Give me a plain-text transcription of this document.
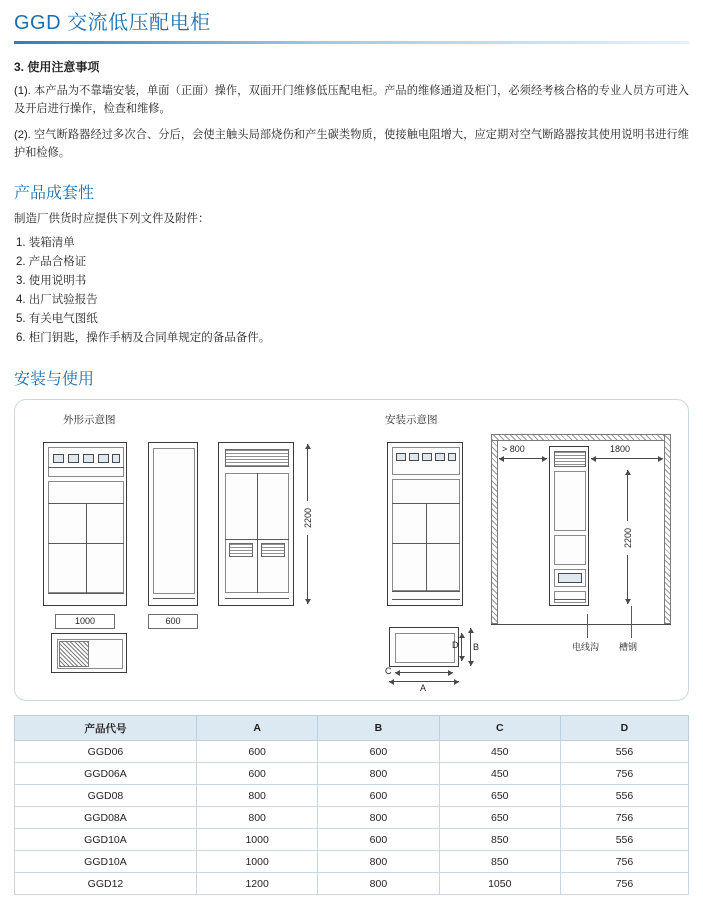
GGD 交流低压配电柜
3. 使用注意事项

(1). 本产品为不靠墙安装，单面（正面）操作，双面开门维修低压配电柜。产品的维修通道及柜门，必须经考核合格的专业人员方可进入及开启进行操作，检查和维修。

(2). 空气断路器经过多次合、分后，会使主触头局部烧伤和产生碳类物质，使接触电阻增大，应定期对空气断路器按其使用说明书进行维护和检修。

产品成套性

制造厂供货时应提供下列文件及附件：

1. 装箱清单
2. 产品合格证
3. 使用说明书
4. 出厂试验报告
5. 有关电气图纸
6. 柜门钥匙，操作手柄及合同单规定的备品备件。
安装与使用
外形示意图	安装示意图
1000	600
2200
A
C
B
D
> 800	1800
2200
电线沟 槽钢
产品代号	A	B	C	D
GGD06	600	600	450	556
GGD06A	600	800	450	756
GGD08	800	600	650	556
GGD08A	800	800	650	756
GGD10A	1000	600	850	556
GGD10A	1000	800	850	756
GGD12	1200	800	1050	756
